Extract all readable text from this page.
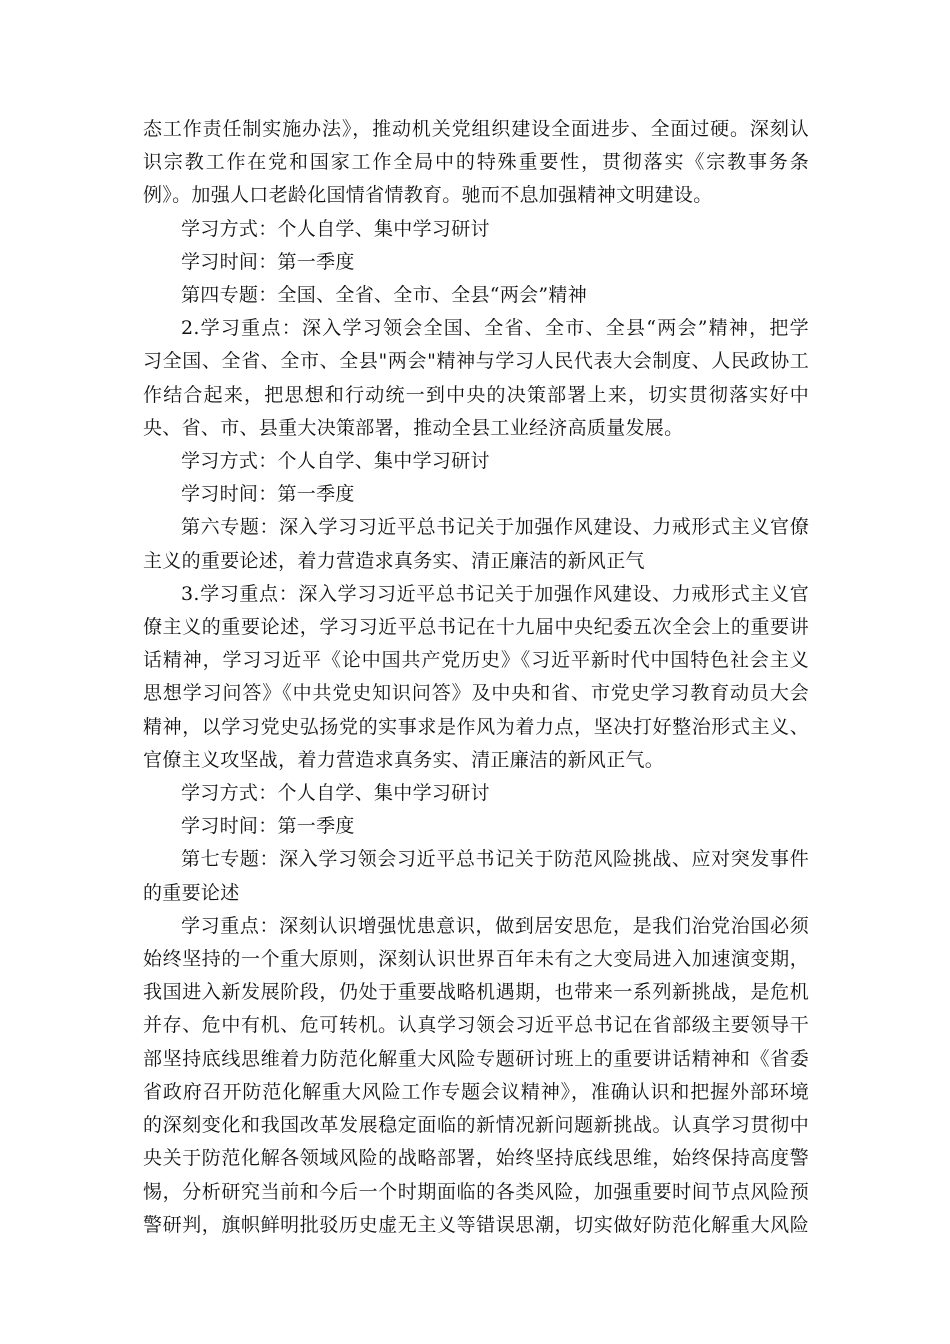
态工作责任制实施办法》，推动机关党组织建设全面进步、全面过硬。深刻认
识宗教工作在党和国家工作全局中的特殊重要性，贯彻落实《宗教事务条
例》。加强人口老龄化国情省情教育。驰而不息加强精神文明建设。
学习方式：个人自学、集中学习研讨
学习时间：第一季度
第四专题：全国、全省、全市、全县“两会”精神
2.学习重点：深入学习领会全国、全省、全市、全县“两会”精神，把学
习全国、全省、全市、全县"两会"精神与学习人民代表大会制度、人民政协工
作结合起来，把思想和行动统一到中央的决策部署上来，切实贯彻落实好中
央、省、市、县重大决策部署，推动全县工业经济高质量发展。
学习方式：个人自学、集中学习研讨
学习时间：第一季度
第六专题：深入学习习近平总书记关于加强作风建设、力戒形式主义官僚
主义的重要论述，着力营造求真务实、清正廉洁的新风正气
3.学习重点：深入学习习近平总书记关于加强作风建设、力戒形式主义官
僚主义的重要论述，学习习近平总书记在十九届中央纪委五次全会上的重要讲
话精神，学习习近平《论中国共产党历史》《习近平新时代中国特色社会主义
思想学习问答》《中共党史知识问答》及中央和省、市党史学习教育动员大会
精神，以学习党史弘扬党的实事求是作风为着力点，坚决打好整治形式主义、
官僚主义攻坚战，着力营造求真务实、清正廉洁的新风正气。
学习方式：个人自学、集中学习研讨
学习时间：第一季度
第七专题：深入学习领会习近平总书记关于防范风险挑战、应对突发事件
的重要论述
学习重点：深刻认识增强忧患意识，做到居安思危，是我们治党治国必须
始终坚持的一个重大原则，深刻认识世界百年未有之大变局进入加速演变期，
我国进入新发展阶段，仍处于重要战略机遇期，也带来一系列新挑战，是危机
并存、危中有机、危可转机。认真学习领会习近平总书记在省部级主要领导干
部坚持底线思维着力防范化解重大风险专题研讨班上的重要讲话精神和《省委
省政府召开防范化解重大风险工作专题会议精神》，准确认识和把握外部环境
的深刻变化和我国改革发展稳定面临的新情况新问题新挑战。认真学习贯彻中
央关于防范化解各领域风险的战略部署，始终坚持底线思维，始终保持高度警
惕，分析研究当前和今后一个时期面临的各类风险，加强重要时间节点风险预
警研判，旗帜鲜明批驳历史虚无主义等错误思潮，切实做好防范化解重大风险
